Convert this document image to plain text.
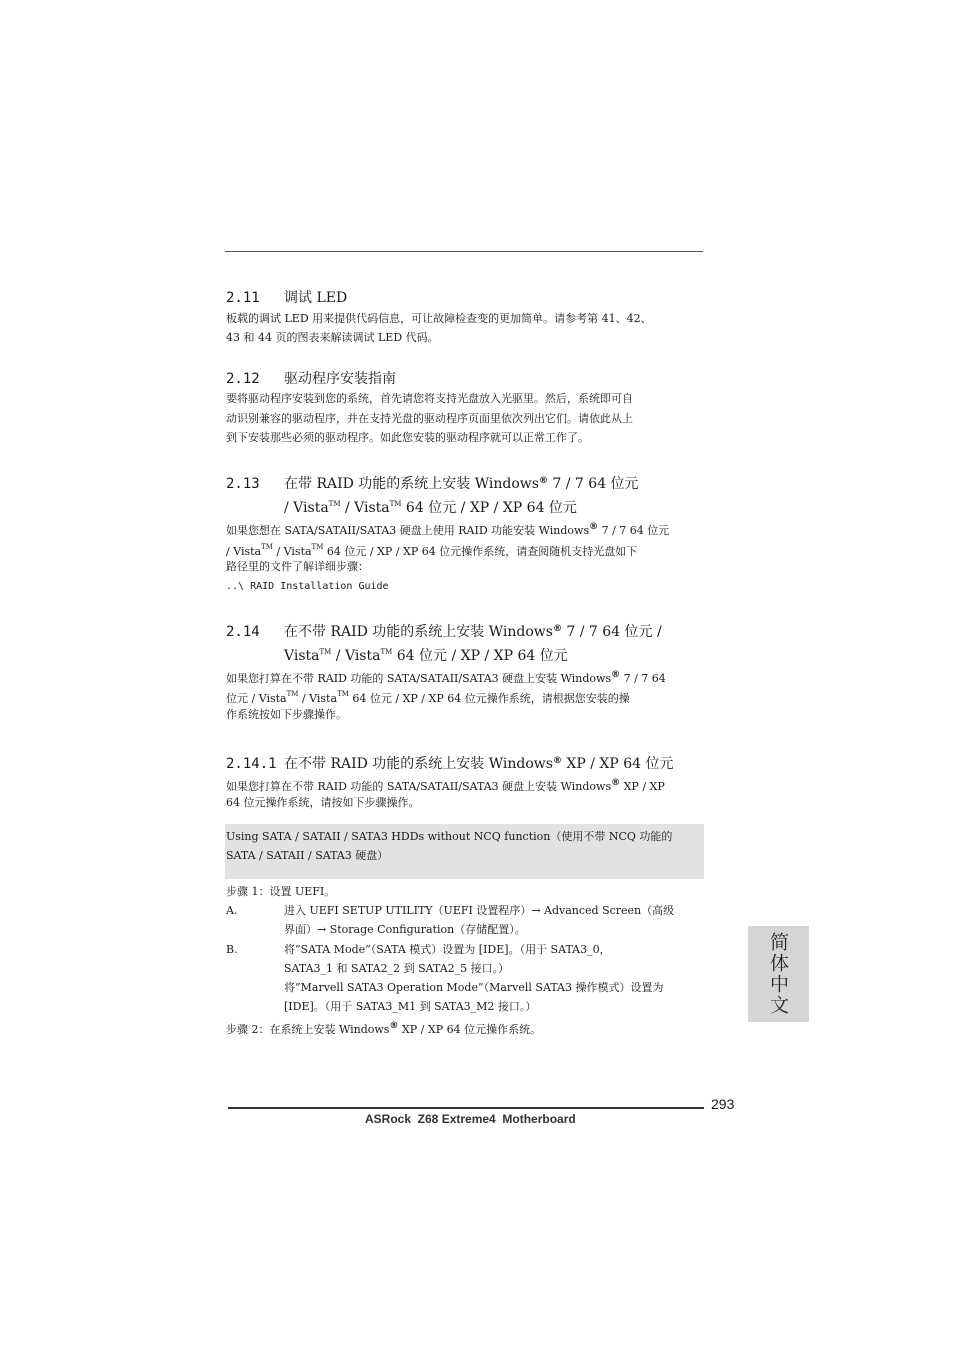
2.11 调试 LED
板载的调试 LED 用来提供代码信息，可让故障检查变的更加简单。请参考第 41、42、
43 和 44 页的图表来解读调试 LED 代码。
2.12 驱动程序安装指南
要将驱动程序安装到您的系统，首先请您将支持光盘放入光驱里。然后，系统即可自
动识别兼容的驱动程序，并在支持光盘的驱动程序页面里依次列出它们。请依此从上
到下安装那些必须的驱动程序。如此您安装的驱动程序就可以正常工作了。
2.13 在带 RAID 功能的系统上安装 Windows® 7 / 7 64 位元
/ Vista™ / Vista™ 64 位元 / XP / XP 64 位元
如果您想在 SATA/SATAII/SATA3 硬盘上使用 RAID 功能安装 Windows® 7 / 7 64 位元
/ Vista™ / Vista™ 64 位元 / XP / XP 64 位元操作系统，请查阅随机支持光盘如下
路径里的文件了解详细步骤：
..\ RAID Installation Guide
2.14 在不带 RAID 功能的系统上安装 Windows® 7 / 7 64 位元 /
Vista™ / Vista™ 64 位元 / XP / XP 64 位元
如果您打算在不带 RAID 功能的 SATA/SATAII/SATA3 硬盘上安装 Windows® 7 / 7 64
位元 / Vista™ / Vista™ 64 位元 / XP / XP 64 位元操作系统，请根据您安装的操
作系统按如下步骤操作。
2.14.1 在不带 RAID 功能的系统上安装 Windows® XP / XP 64 位元
如果您打算在不带 RAID 功能的 SATA/SATAII/SATA3 硬盘上安装 Windows® XP / XP
64 位元操作系统，请按如下步骤操作。
Using SATA / SATAII / SATA3 HDDs without NCQ function（使用不带 NCQ 功能的
SATA / SATAII / SATA3 硬盘）
步骤 1：设置 UEFI。
A.	进入 UEFI SETUP UTILITY（UEFI 设置程序）→ Advanced Screen（高级
界面）→ Storage Configuration（存储配置）。
B.	将”SATA Mode”（SATA 模式）设置为 [IDE]。（用于 SATA3_0，
SATA3_1 和 SATA2_2 到 SATA2_5 接口。）
将”Marvell SATA3 Operation Mode”（Marvell SATA3 操作模式）设置为
[IDE]。（用于 SATA3_M1 到 SATA3_M2 接口。）
步骤 2：在系统上安装 Windows® XP / XP 64 位元操作系统。
简体中文
293
ASRock  Z68 Extreme4  Motherboard
